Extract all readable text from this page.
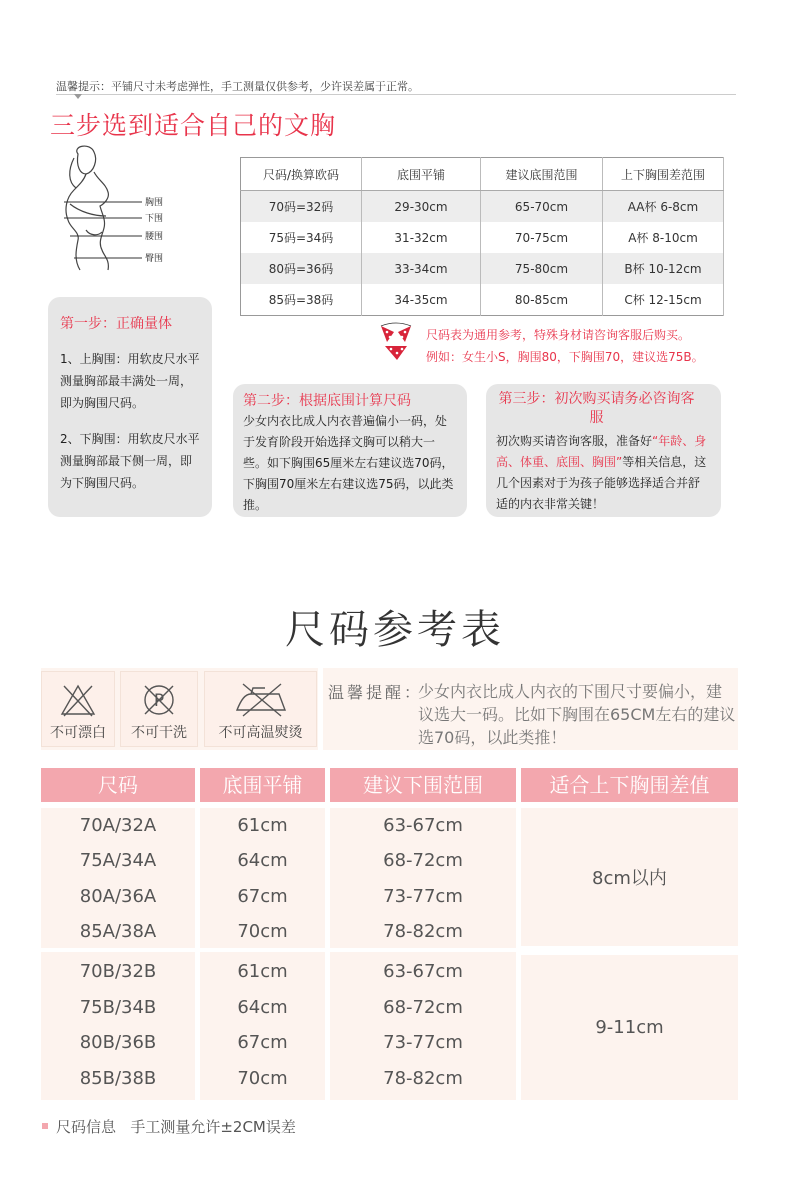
温馨提示：平铺尺寸未考虑弹性，手工测量仅供参考，少许误差属于正常。
三步选到适合自己的文胸
胸围
下围
腰围
臀围
尺码/换算欧码	底围平铺	建议底围范围	上下胸围差范围
70码=32码	29-30cm	65-70cm	AA杯 6-8cm
75码=34码	31-32cm	70-75cm	A杯 8-10cm
80码=36码	33-34cm	75-80cm	B杯 10-12cm
85码=38码	34-35cm	80-85cm	C杯 12-15cm
尺码表为通用参考，特殊身材请咨询客服后购买。
例如：女生小S，胸围80，下胸围70，建议选75B。
第一步：正确量体
1、上胸围：用软皮尺水平测量胸部最丰满处一周，即为胸围尺码。
2、下胸围：用软皮尺水平测量胸部最下侧一周，即为下胸围尺码。
第二步：根据底围计算尺码
少女内衣比成人内衣普遍偏小一码，处于发育阶段开始选择文胸可以稍大一些。如下胸围65厘米左右建议选70码，下胸围70厘米左右建议选75码，以此类推。
第三步：初次购买请务必咨询客服
初次购买请咨询客服，准备好“年龄、身高、体重、底围、胸围”等相关信息，这几个因素对于为孩子能够选择适合并舒适的内衣非常关键！
尺码参考表
不可漂白
P
不可干洗	不可高温熨烫
温馨提醒：
少女内衣比成人内衣的下围尺寸要偏小，建议选大一码。比如下胸围在65CM左右的建议选70码，以此类推！
尺码	底围平铺	建议下围范围	适合上下胸围差值
70A/32A	61cm	63-67cm
75A/34A	64cm	68-72cm
80A/36A	67cm	73-77cm
85A/38A	70cm	78-82cm
8cm以内
70B/32B	61cm	63-67cm
75B/34B	64cm	68-72cm
80B/36B	67cm	73-77cm
85B/38B	70cm	78-82cm
9-11cm
尺码信息 手工测量允许±2CM误差
